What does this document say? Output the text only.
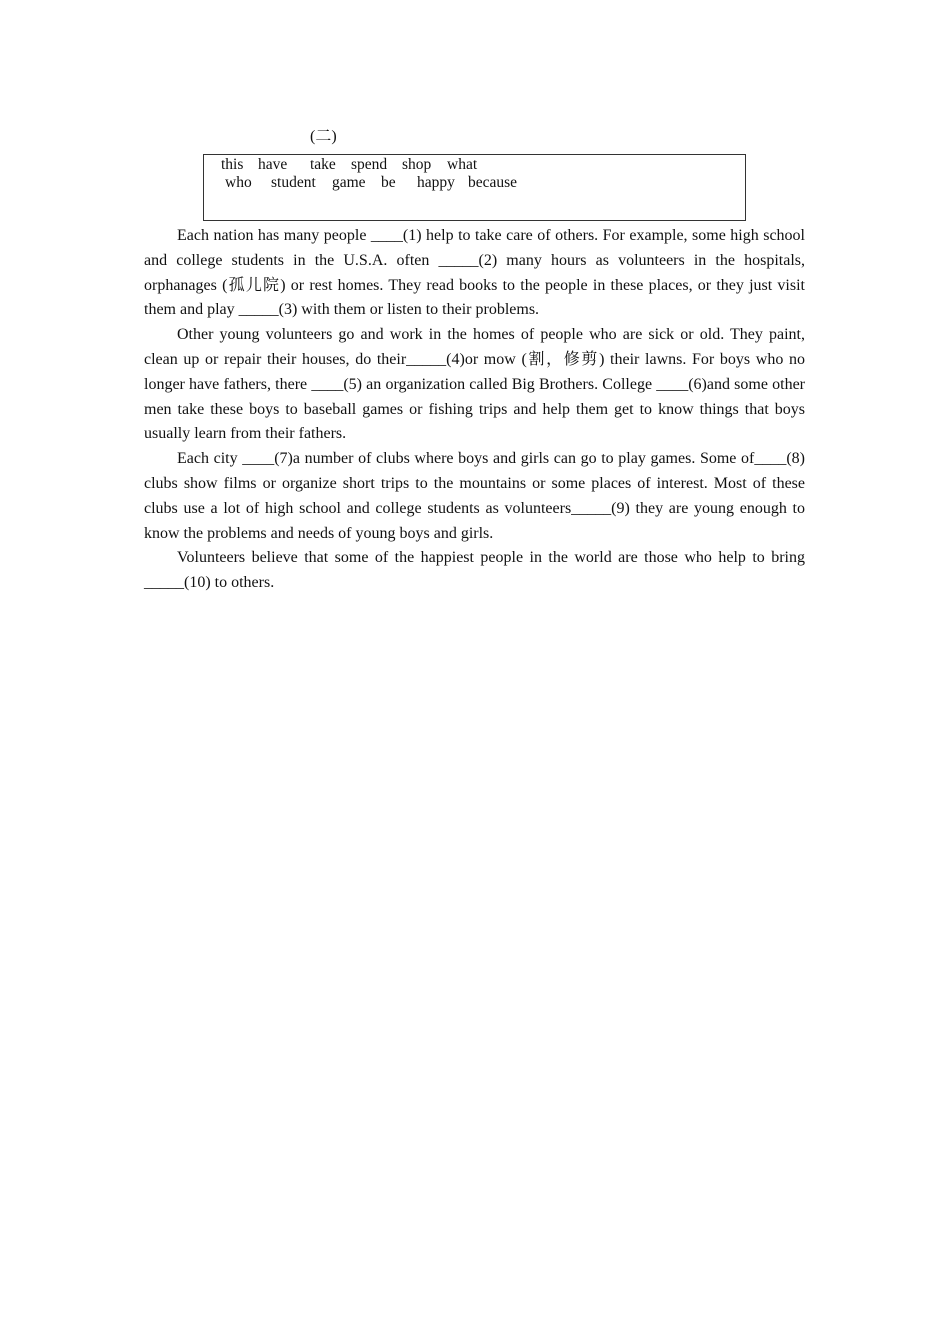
(二)
this have take spend shop what
who student game be happy because

Each nation has many people ____(1) help to take care of others. For example, some high school and college students in the U.S.A. often _____(2) many hours as volunteers in the hospitals, orphanages (孤儿院) or rest homes. They read books to the people in these places, or they just visit them and play _____(3) with them or listen to their problems.

Other young volunteers go and work in the homes of people who are sick or old. They paint, clean up or repair their houses, do their_____(4)or mow (割，修剪) their lawns. For boys who no longer have fathers, there ____(5) an organization called Big Brothers. College ____(6)and some other men take these boys to baseball games or fishing trips and help them get to know things that boys usually learn from their fathers.

Each city ____(7)a number of clubs where boys and girls can go to play games. Some of____(8) clubs show films or organize short trips to the mountains or some places of interest. Most of these clubs use a lot of high school and college students as volunteers_____(9) they are young enough to know the problems and needs of young boys and girls.

Volunteers believe that some of the happiest people in the world are those who help to bring _____(10) to others.
